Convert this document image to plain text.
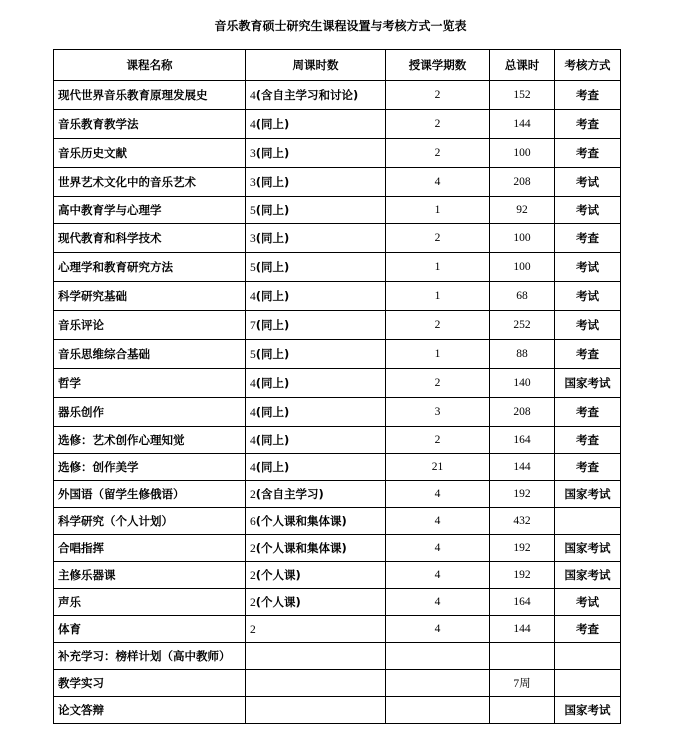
音乐教育硕士研究生课程设置与考核方式一览表
课程名称	周课时数	授课学期数	总课时	考核方式
现代世界音乐教育原理发展史	4(含自主学习和讨论)	2	152	考查
音乐教育教学法	4(同上)	2	144	考查
音乐历史文献	3(同上)	2	100	考查
世界艺术文化中的音乐艺术	3(同上)	4	208	考试
高中教育学与心理学	5(同上)	1	92	考试
现代教育和科学技术	3(同上)	2	100	考查
心理学和教育研究方法	5(同上)	1	100	考试
科学研究基础	4(同上)	1	68	考试
音乐评论	7(同上)	2	252	考试
音乐思维综合基础	5(同上)	1	88	考查
哲学	4(同上)	2	140	国家考试
器乐创作	4(同上)	3	208	考查
选修：艺术创作心理知觉	4(同上)	2	164	考查
选修：创作美学	4(同上)	21	144	考查
外国语（留学生修俄语）	2(含自主学习)	4	192	国家考试
科学研究（个人计划）	6(个人课和集体课)	4	432	
合唱指挥	2(个人课和集体课)	4	192	国家考试
主修乐器课	2(个人课)	4	192	国家考试
声乐	2(个人课)	4	164	考试
体育	2	4	144	考查
补充学习：榜样计划（高中教师）				
教学实习			7周	
论文答辩				国家考试
